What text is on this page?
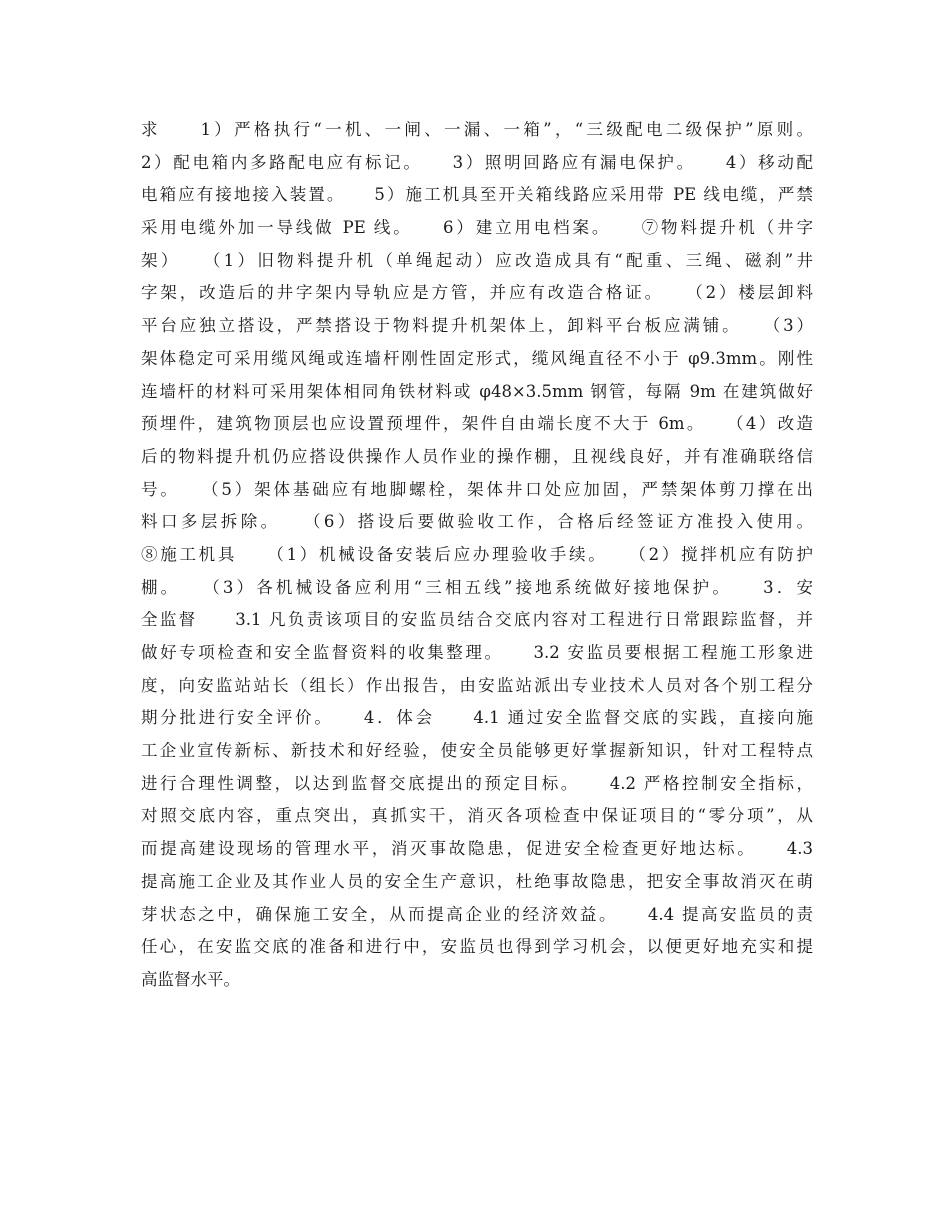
求　　1）严格执行“一机、一闸、一漏、一箱”，“三级配电二级保护”原则。
2）配电箱内多路配电应有标记。　　3）照明回路应有漏电保护。　　4）移动配
电箱应有接地接入装置。　　5）施工机具至开关箱线路应采用带 PE 线电缆，严禁
采用电缆外加一导线做 PE 线。　　6）建立用电档案。　　⑦物料提升机（井字
架）　　（1）旧物料提升机（单绳起动）应改造成具有“配重、三绳、磁刹”井
字架，改造后的井字架内导轨应是方管，并应有改造合格证。　　（2）楼层卸料
平台应独立搭设，严禁搭设于物料提升机架体上，卸料平台板应满铺。　　（3）
架体稳定可采用缆风绳或连墙杆刚性固定形式，缆风绳直径不小于 φ9.3mm。刚性
连墙杆的材料可采用架体相同角铁材料或 φ48×3.5mm 钢管，每隔 9m 在建筑做好
预埋件，建筑物顶层也应设置预埋件，架件自由端长度不大于 6m。　　（4）改造
后的物料提升机仍应搭设供操作人员作业的操作棚，且视线良好，并有准确联络信
号。　　（5）架体基础应有地脚螺栓，架体井口处应加固，严禁架体剪刀撑在出
料口多层拆除。　　（6）搭设后要做验收工作，合格后经签证方准投入使用。
⑧施工机具　　（1）机械设备安装后应办理验收手续。　　（2）搅拌机应有防护
棚。　　（3）各机械设备应利用“三相五线”接地系统做好接地保护。　　3．安
全监督　　3.1 凡负责该项目的安监员结合交底内容对工程进行日常跟踪监督，并
做好专项检查和安全监督资料的收集整理。　　3.2 安监员要根据工程施工形象进
度，向安监站站长（组长）作出报告，由安监站派出专业技术人员对各个别工程分
期分批进行安全评价。　　4．体会　　4.1 通过安全监督交底的实践，直接向施
工企业宣传新标、新技术和好经验，使安全员能够更好掌握新知识，针对工程特点
进行合理性调整，以达到监督交底提出的预定目标。　　4.2 严格控制安全指标，
对照交底内容，重点突出，真抓实干，消灭各项检查中保证项目的“零分项”，从
而提高建设现场的管理水平，消灭事故隐患，促进安全检查更好地达标。　　4.3
提高施工企业及其作业人员的安全生产意识，杜绝事故隐患，把安全事故消灭在萌
芽状态之中，确保施工安全，从而提高企业的经济效益。　　4.4 提高安监员的责
任心，在安监交底的准备和进行中，安监员也得到学习机会，以便更好地充实和提
高监督水平。
